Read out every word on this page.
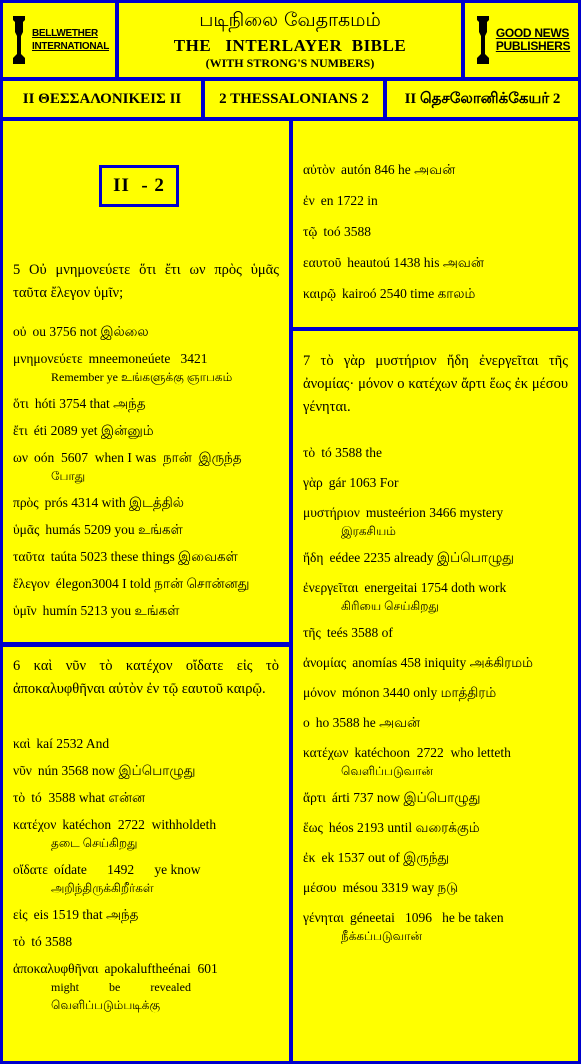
BELLWETHER
INTERNATIONAL
படிநிலை வேதாகமம்
THE   INTERLAYER  BIBLE
(WITH STRONG'S NUMBERS)
GOOD NEWS
PUBLISHERS
ΙΙ ΘΕΣΣΑΛΟΝΙΚΕΙΣ ΙΙ	2 THESSALONIANS 2	II தெசலோனிக்கேயர் 2
II  - 2
5 Οὐ μνημονεύετε ὅτι ἔτι ων πρὸς ὑμᾶς ταῦτα ἔλεγον ὑμῖν;
οὐ ou 3756 not இல்லை
μνημονεύετε mneemoneúete   3421
Remember ye உங்களுக்கு ஞாபகம்
ὅτι hóti 3754 that அந்த
ἔτι éti 2089 yet இன்னும்
ων oón  5607  when I was  நான்  இருந்த
போது
πρὸς prós 4314 with இடத்தில்
ὑμᾶς humás 5209 you உங்கள்
ταῦτα taúta 5023 these things இவைகள்
ἔλεγον élegon3004 I told நான் சொன்னது
ὑμῖν humín 5213 you உங்கள்
6 καὶ νῦν τὸ κατέχον οἴδατε εἰς τὸ ἀποκαλυφθῆναι αὐτὸν ἐν τῷ εαυτοῦ καιρῷ.
καὶ kaí 2532 And
νῦν nún 3568 now இப்பொழுது
τὸ tó  3588 what என்ன
κατέχον katéchon  2722  withholdeth
தடை செய்கிறது
οἴδατε oídate      1492      ye know
அறிந்திருக்கிறீர்கள்
εἰς eis 1519 that அந்த
τὸ tó 3588
ἀποκαλυφθῆναι apokaluftheénai  601
might          be          revealed
வெளிப்படும்படிக்கு
αὐτὸν autón 846 he அவன்
ἐν en 1722 in
τῷ toó 3588
εαυτοῦ heautoú 1438 his அவன்
καιρῷ kairoó 2540 time காலம்
7 τὸ γὰρ μυστήριον ἤδη ἐνεργεῖται τῆς ἀνομίας· μόνον ο κατέχων ἄρτι ἕως ἐκ μέσου γένηται.
τὸ tó 3588 the
γὰρ gár 1063 For
μυστήριον musteérion 3466 mystery
இரகசியம்
ἤδη eédee 2235 already இப்பொழுது
ἐνεργεῖται energeitai 1754 doth work
கிரியை செய்கிறது
τῆς teés 3588 of
ἀνομίας anomías 458 iniquity அக்கிரமம்
μόνον mónon 3440 only மாத்திரம்
ο ho 3588 he அவன்
κατέχων katéchoon  2722  who letteth
வெளிப்படுவான்
ἄρτι árti 737 now இப்பொழுது
ἕως héos 2193 until வரைக்கும்
ἐκ ek 1537 out of இருந்து
μέσου mésou 3319 way நடு
γένηται géneetai   1096   he be taken
நீக்கப்படுவான்
